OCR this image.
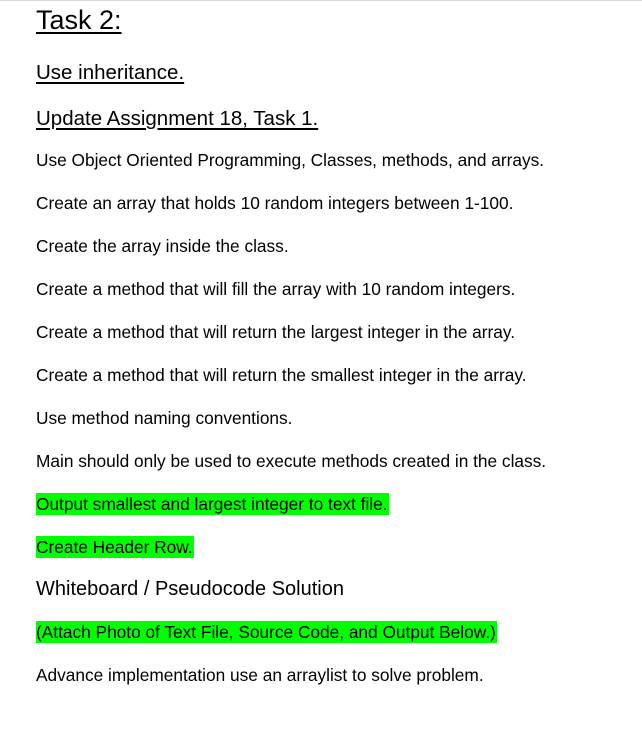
Task 2:

Use inheritance.

Update Assignment 18, Task 1.

Use Object Oriented Programming, Classes, methods, and arrays.

Create an array that holds 10 random integers between 1-100.

Create the array inside the class.

Create a method that will fill the array with 10 random integers.

Create a method that will return the largest integer in the array.

Create a method that will return the smallest integer in the array.

Use method naming conventions.

Main should only be used to execute methods created in the class.

Output smallest and largest integer to text file.

Create Header Row.

Whiteboard / Pseudocode Solution

(Attach Photo of Text File, Source Code, and Output Below.)

Advance implementation use an arraylist to solve problem.
